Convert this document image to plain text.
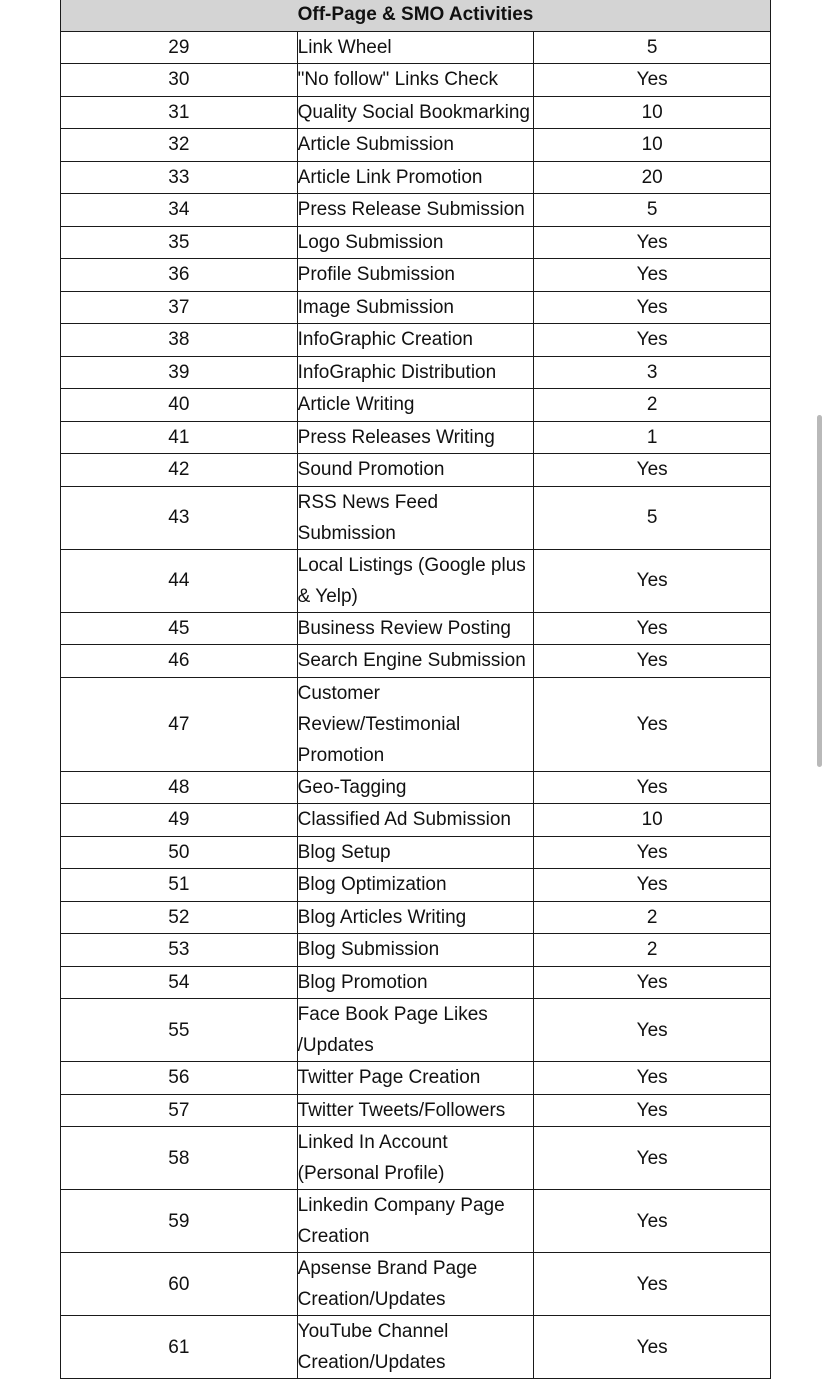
Off-Page & SMO Activities		
29	Link Wheel	5
30	"No follow" Links Check	Yes
31	Quality Social Bookmarking	10
32	Article Submission	10
33	Article Link Promotion	20
34	Press Release Submission	5
35	Logo Submission	Yes
36	Profile Submission	Yes
37	Image Submission	Yes
38	InfoGraphic Creation	Yes
39	InfoGraphic Distribution	3
40	Article Writing	2
41	Press Releases Writing	1
42	Sound Promotion	Yes
43	RSS News Feed Submission	5
44	Local Listings (Google plus & Yelp)	Yes
45	Business Review Posting	Yes
46	Search Engine Submission	Yes
47	Customer Review/Testimonial Promotion	Yes
48	Geo-Tagging	Yes
49	Classified Ad Submission	10
50	Blog Setup	Yes
51	Blog Optimization	Yes
52	Blog Articles Writing	2
53	Blog Submission	2
54	Blog Promotion	Yes
55	Face Book Page Likes /Updates	Yes
56	Twitter Page Creation	Yes
57	Twitter Tweets/Followers	Yes
58	Linked In Account (Personal Profile)	Yes
59	Linkedin Company Page Creation	Yes
60	Apsense Brand Page Creation/Updates	Yes
61	YouTube Channel Creation/Updates	Yes
